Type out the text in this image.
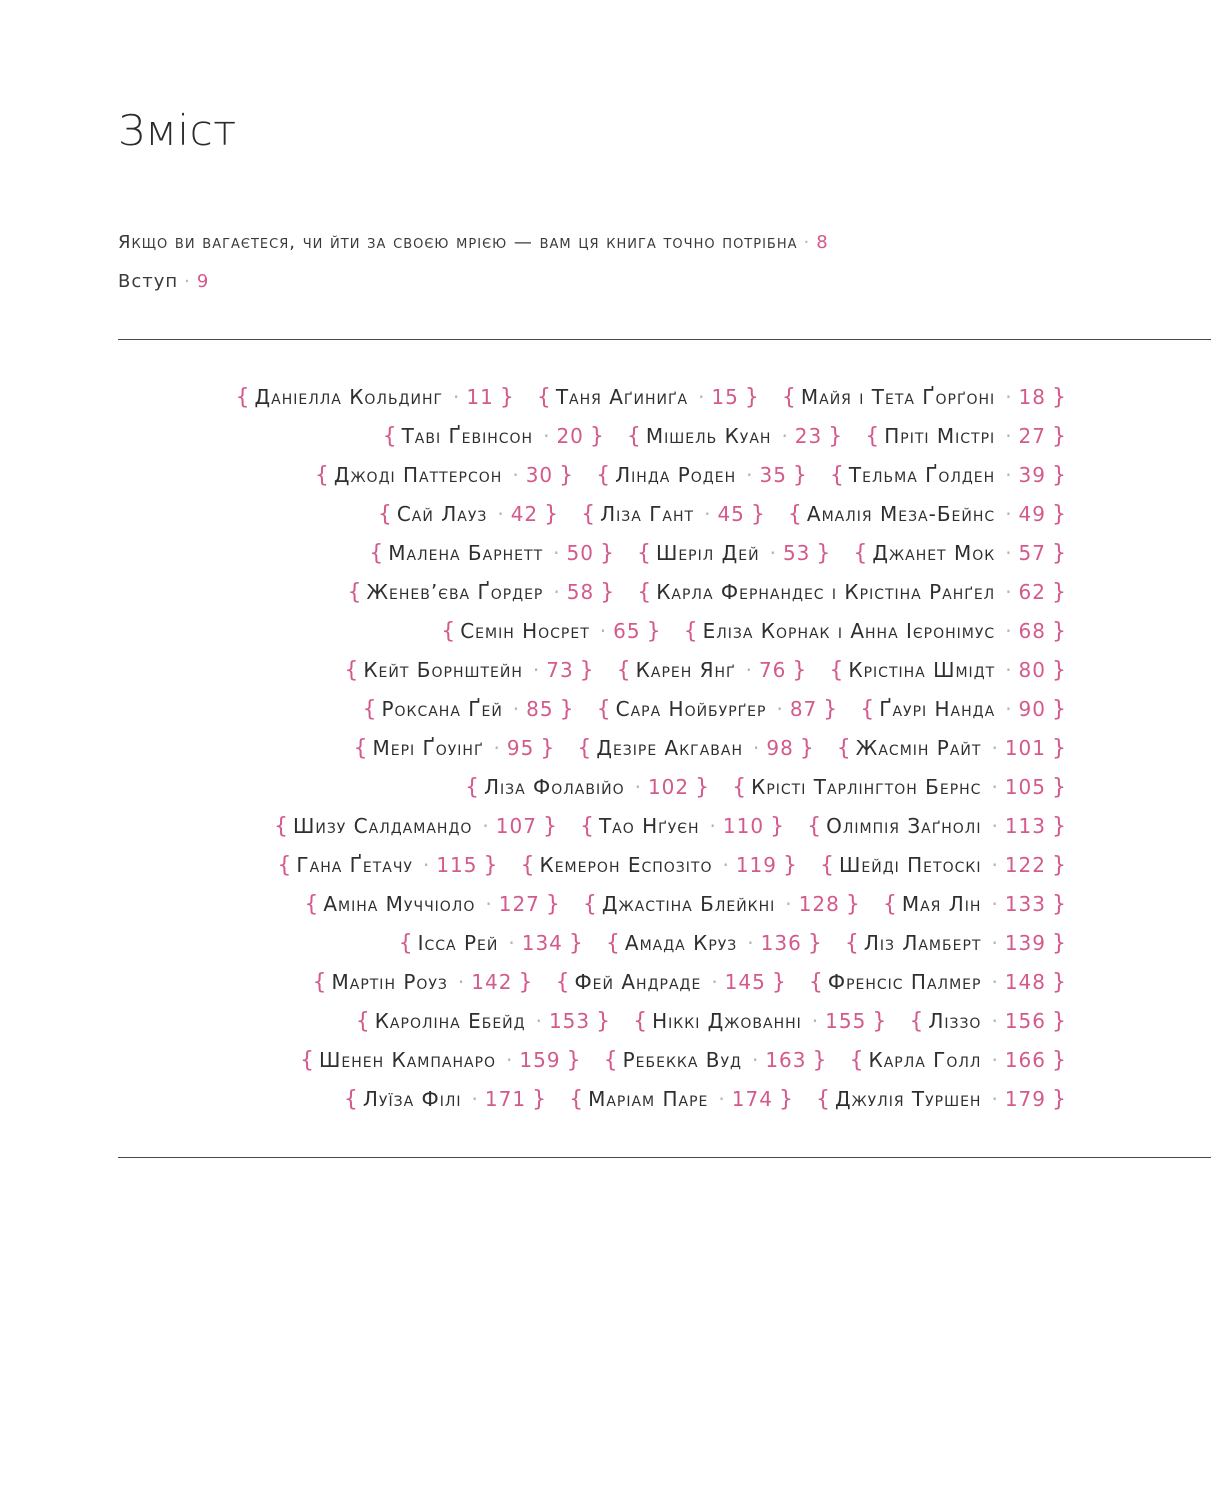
Зміст
Якщо ви вагаєтеся, чи йти за своєю мрією — вам ця книга точно потрібна · 8
Вступ · 9
{ Даніелла Кольдинг · 11 } { Таня Аґиниґа · 15 } { Майя і Тета Ґорґоні · 18 }
{ Таві Ґевінсон · 20 } { Мішель Куан · 23 } { Пріті Містрі · 27 }
{ Джоді Паттерсон · 30 } { Лінда Роден · 35 } { Тельма Ґолден · 39 }
{ Сай Лауз · 42 } { Ліза Гант · 45 } { Амалія Меза-Бейнс · 49 }
{ Малена Барнетт · 50 } { Шеріл Дей · 53 } { Джанет Мок · 57 }
{ Женев’єва Ґордер · 58 } { Карла Фернандес і Крістіна Ранґел · 62 }
{ Семін Носрет · 65 } { Еліза Корнак і Анна Ієронімус · 68 }
{ Кейт Борнштейн · 73 } { Карен Янґ · 76 } { Крістіна Шмідт · 80 }
{ Роксана Ґей · 85 } { Сара Нойбурґер · 87 } { Ґаурі Нанда · 90 }
{ Мері Ґоуінґ · 95 } { Дезіре Акгаван · 98 } { Жасмін Райт · 101 }
{ Ліза Фолавійо · 102 } { Крісті Тарлінгтон Бернс · 105 }
{ Шизу Салдамандо · 107 } { Тао Нґуєн · 110 } { Олімпія Заґнолі · 113 }
{ Гана Ґетачу · 115 } { Кемерон Еспозіто · 119 } { Шейді Петоскі · 122 }
{ Аміна Муччіоло · 127 } { Джастіна Блейкні · 128 } { Мая Лін · 133 }
{ Ісса Рей · 134 } { Амада Круз · 136 } { Ліз Ламберт · 139 }
{ Мартін Роуз · 142 } { Фей Андраде · 145 } { Френсіс Палмер · 148 }
{ Кароліна Ебейд · 153 } { Ніккі Джованні · 155 } { Ліззо · 156 }
{ Шенен Кампанаро · 159 } { Ребекка Вуд · 163 } { Карла Голл · 166 }
{ Луїза Філі · 171 } { Маріам Паре · 174 } { Джулія Туршен · 179 }
